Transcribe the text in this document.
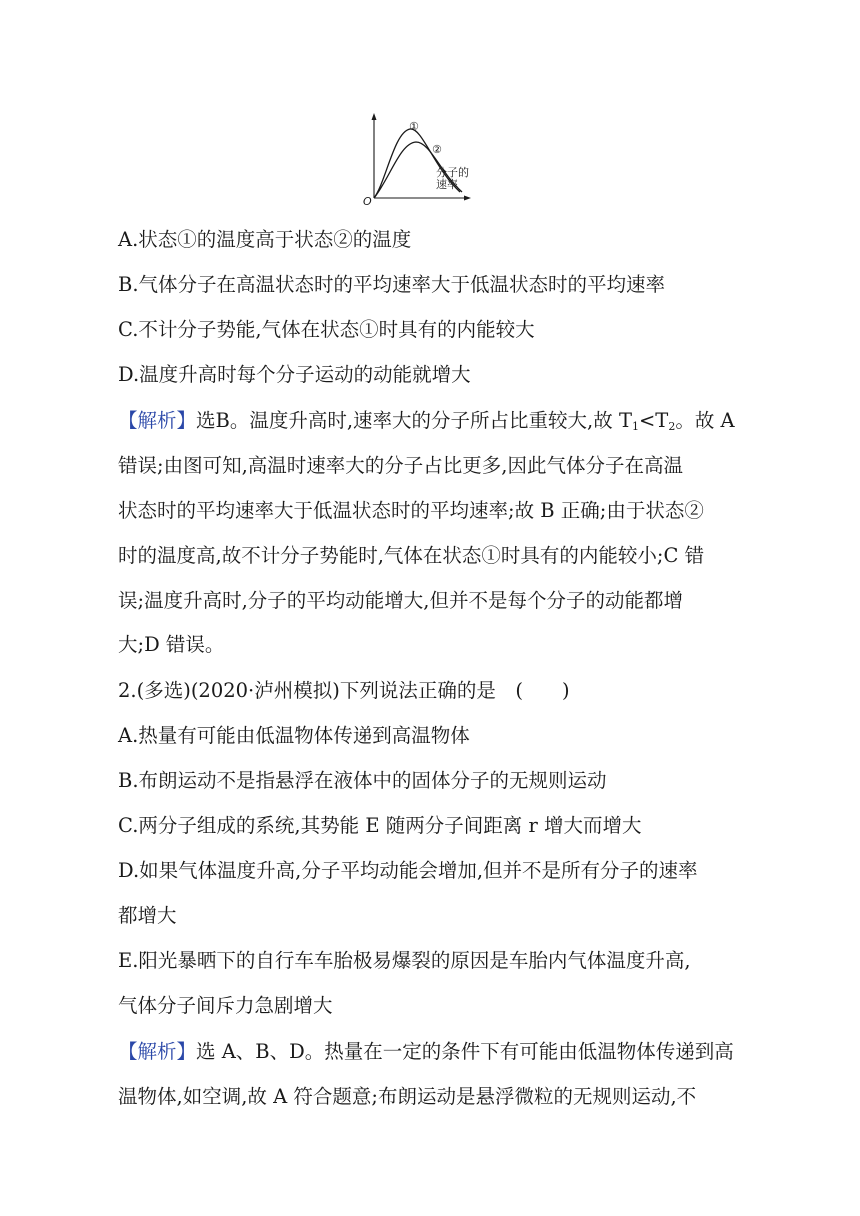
①
②
分子的
速率
O
A.状态①的温度高于状态②的温度
B.气体分子在高温状态时的平均速率大于低温状态时的平均速率
C.不计分子势能,气体在状态①时具有的内能较大
D.温度升高时每个分子运动的动能就增大
【解析】选B。温度升高时,速率大的分子所占比重较大,故 $T_1<T_2$。故 A
错误;由图可知,高温时速率大的分子占比更多,因此气体分子在高温
状态时的平均速率大于低温状态时的平均速率;故 B 正确;由于状态②
时的温度高,故不计分子势能时,气体在状态①时具有的内能较小;C 错
误;温度升高时,分子的平均动能增大,但并不是每个分子的动能都增
大;D 错误。
2.(多选)(2020·泸州模拟)下列说法正确的是　(　　)
A.热量有可能由低温物体传递到高温物体
B.布朗运动不是指悬浮在液体中的固体分子的无规则运动
C.两分子组成的系统,其势能 E 随两分子间距离 r 增大而增大
D.如果气体温度升高,分子平均动能会增加,但并不是所有分子的速率
都增大
E.阳光暴晒下的自行车车胎极易爆裂的原因是车胎内气体温度升高,
气体分子间斥力急剧增大
【解析】选 A、B、D。热量在一定的条件下有可能由低温物体传递到高
温物体,如空调,故 A 符合题意;布朗运动是悬浮微粒的无规则运动,不
